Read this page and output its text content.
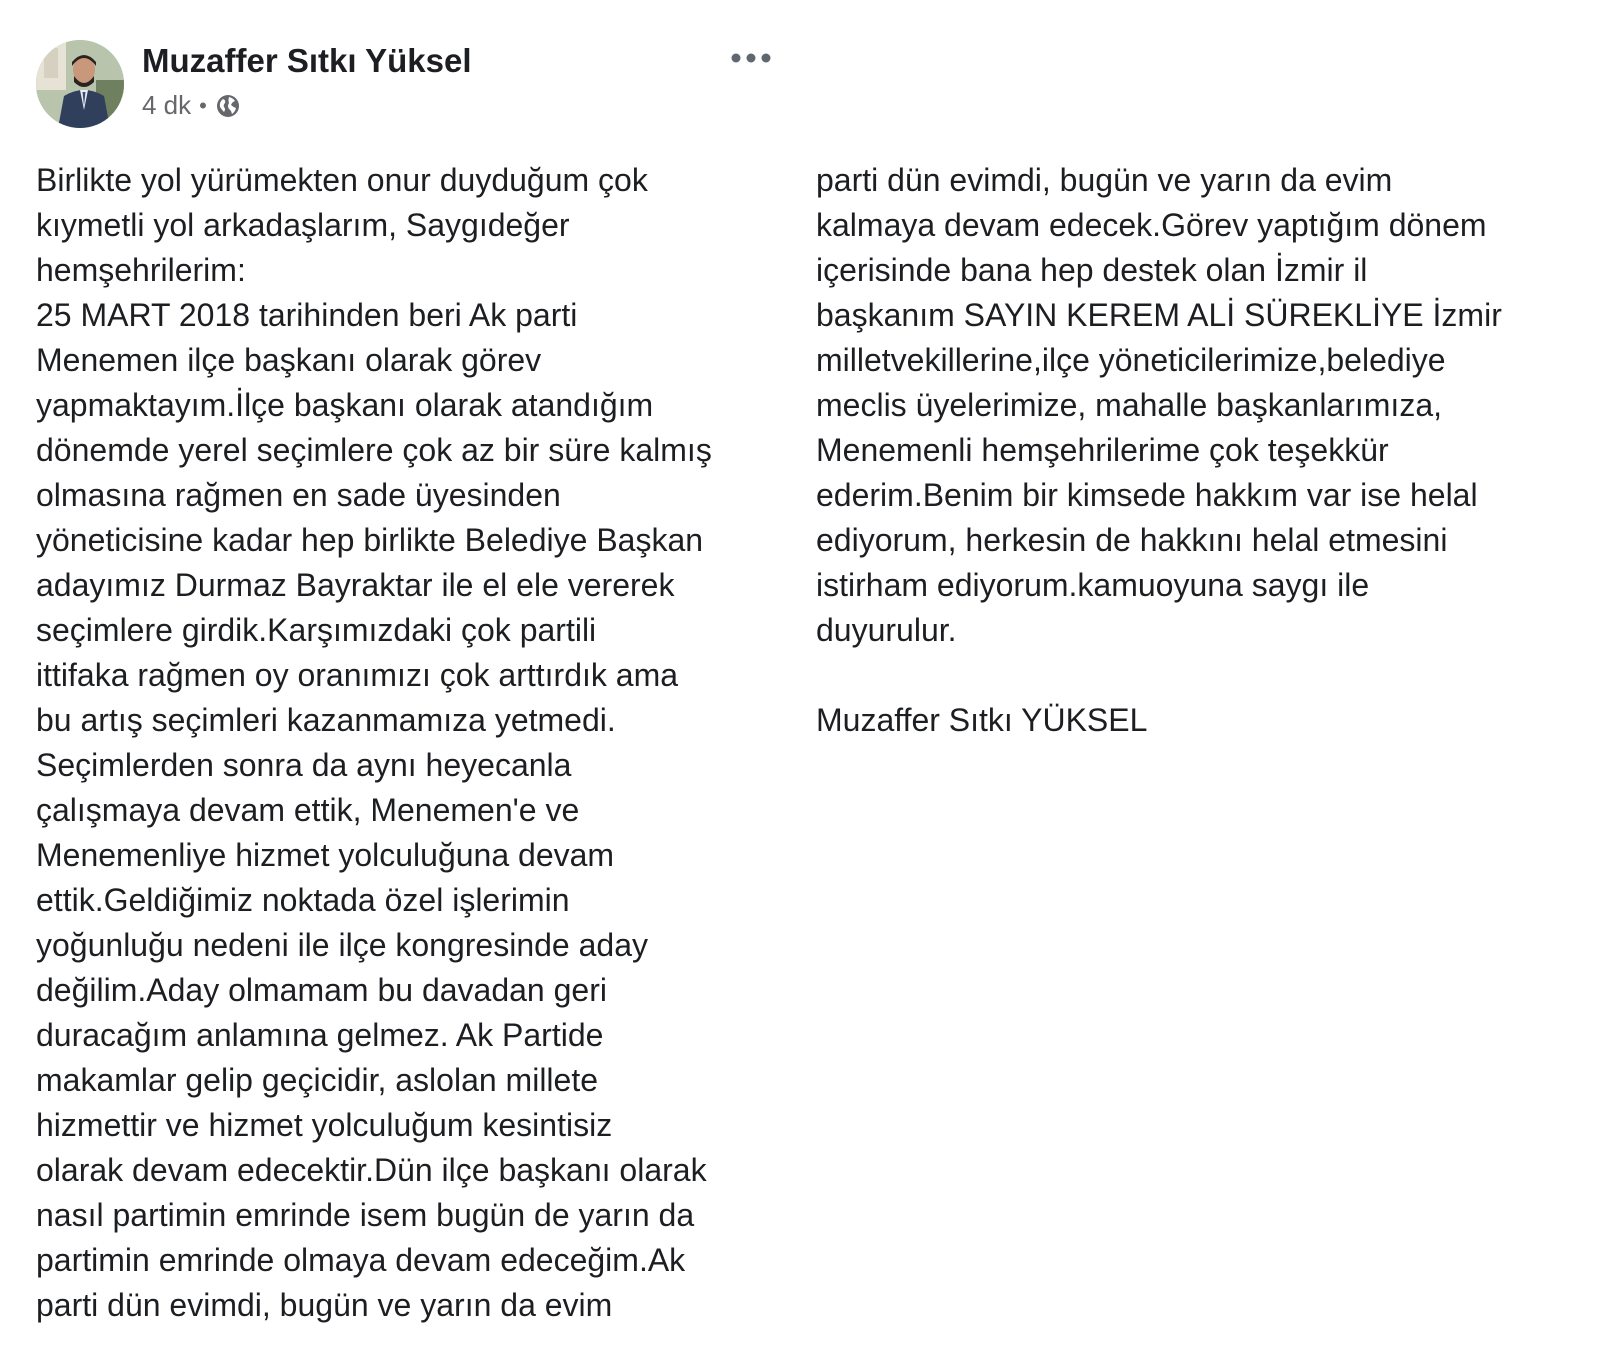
Muzaffer Sıtkı Yüksel
4 dk •
Birlikte yol yürümekten onur duyduğum çok
kıymetli yol arkadaşlarım, Saygıdeğer
hemşehrilerim:
25 MART 2018 tarihinden beri Ak parti
Menemen ilçe başkanı olarak görev
yapmaktayım.İlçe başkanı olarak atandığım
dönemde yerel seçimlere çok az bir süre kalmış
olmasına rağmen en sade üyesinden
yöneticisine kadar hep birlikte Belediye Başkan
adayımız Durmaz Bayraktar ile el ele vererek
seçimlere girdik.Karşımızdaki çok partili
ittifaka rağmen oy oranımızı çok arttırdık ama
bu artış seçimleri kazanmamıza yetmedi.
Seçimlerden sonra da aynı heyecanla
çalışmaya devam ettik, Menemen'e ve
Menemenliye hizmet yolculuğuna devam
ettik.Geldiğimiz noktada özel işlerimin
yoğunluğu nedeni ile ilçe kongresinde aday
değilim.Aday olmamam bu davadan geri
duracağım anlamına gelmez. Ak Partide
makamlar gelip geçicidir, aslolan millete
hizmettir ve hizmet yolculuğum kesintisiz
olarak devam edecektir.Dün ilçe başkanı olarak
nasıl partimin emrinde isem bugün de yarın da
partimin emrinde olmaya devam edeceğim.Ak
parti dün evimdi, bugün ve yarın da evim
parti dün evimdi, bugün ve yarın da evim
kalmaya devam edecek.Görev yaptığım dönem
içerisinde bana hep destek olan İzmir il
başkanım SAYIN KEREM ALİ SÜREKLİYE İzmir
milletvekillerine,ilçe yöneticilerimize,belediye
meclis üyelerimize, mahalle başkanlarımıza,
Menemenli hemşehrilerime çok teşekkür
ederim.Benim bir kimsede hakkım var ise helal
ediyorum, herkesin de hakkını helal etmesini
istirham ediyorum.kamuoyuna saygı ile
duyurulur.
Muzaffer Sıtkı YÜKSEL
